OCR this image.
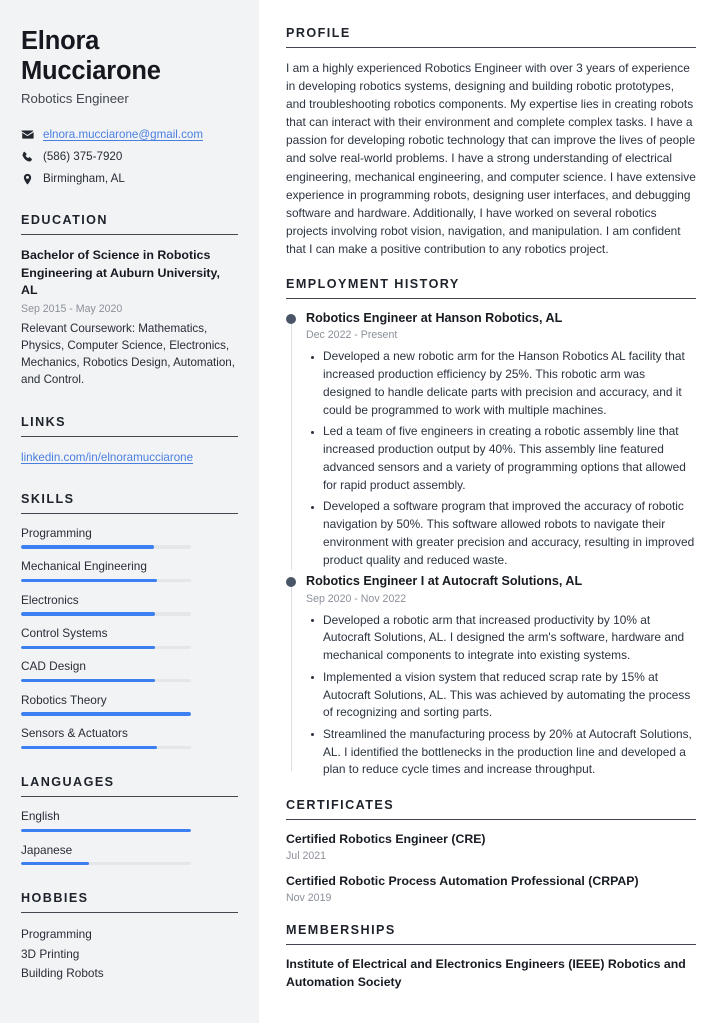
Elnora
Mucciarone
Robotics Engineer
elnora.mucciarone@gmail.com
(586) 375-7920
Birmingham, AL
EDUCATION
Bachelor of Science in Robotics Engineering at Auburn University, AL
Sep 2015 - May 2020
Relevant Coursework: Mathematics, Physics, Computer Science, Electronics, Mechanics, Robotics Design, Automation, and Control.
LINKS
linkedin.com/in/elnoramucciarone
SKILLS
Programming
Mechanical Engineering
Electronics
Control Systems
CAD Design
Robotics Theory
Sensors & Actuators
LANGUAGES
English
Japanese
HOBBIES
Programming
3D Printing
Building Robots
PROFILE

I am a highly experienced Robotics Engineer with over 3 years of experience in developing robotics systems, designing and building robotic prototypes, and troubleshooting robotics components. My expertise lies in creating robots that can interact with their environment and complete complex tasks. I have a passion for developing robotic technology that can improve the lives of people and solve real-world problems. I have a strong understanding of electrical engineering, mechanical engineering, and computer science. I have extensive experience in programming robots, designing user interfaces, and debugging software and hardware. Additionally, I have worked on several robotics projects involving robot vision, navigation, and manipulation. I am confident that I can make a positive contribution to any robotics project.

EMPLOYMENT HISTORY
Robotics Engineer at Hanson Robotics, AL
Dec 2022 - Present
Developed a new robotic arm for the Hanson Robotics AL facility that increased production efficiency by 25%. This robotic arm was designed to handle delicate parts with precision and accuracy, and it could be programmed to work with multiple machines.
Led a team of five engineers in creating a robotic assembly line that increased production output by 40%. This assembly line featured advanced sensors and a variety of programming options that allowed for rapid product assembly.
Developed a software program that improved the accuracy of robotic navigation by 50%. This software allowed robots to navigate their environment with greater precision and accuracy, resulting in improved product quality and reduced waste.
Robotics Engineer I at Autocraft Solutions, AL
Sep 2020 - Nov 2022
Developed a robotic arm that increased productivity by 10% at Autocraft Solutions, AL. I designed the arm's software, hardware and mechanical components to integrate into existing systems.
Implemented a vision system that reduced scrap rate by 15% at Autocraft Solutions, AL. This was achieved by automating the process of recognizing and sorting parts.
Streamlined the manufacturing process by 20% at Autocraft Solutions, AL. I identified the bottlenecks in the production line and developed a plan to reduce cycle times and increase throughput.
CERTIFICATES
Certified Robotics Engineer (CRE)
Jul 2021
Certified Robotic Process Automation Professional (CRPAP)
Nov 2019
MEMBERSHIPS
Institute of Electrical and Electronics Engineers (IEEE) Robotics and Automation Society
